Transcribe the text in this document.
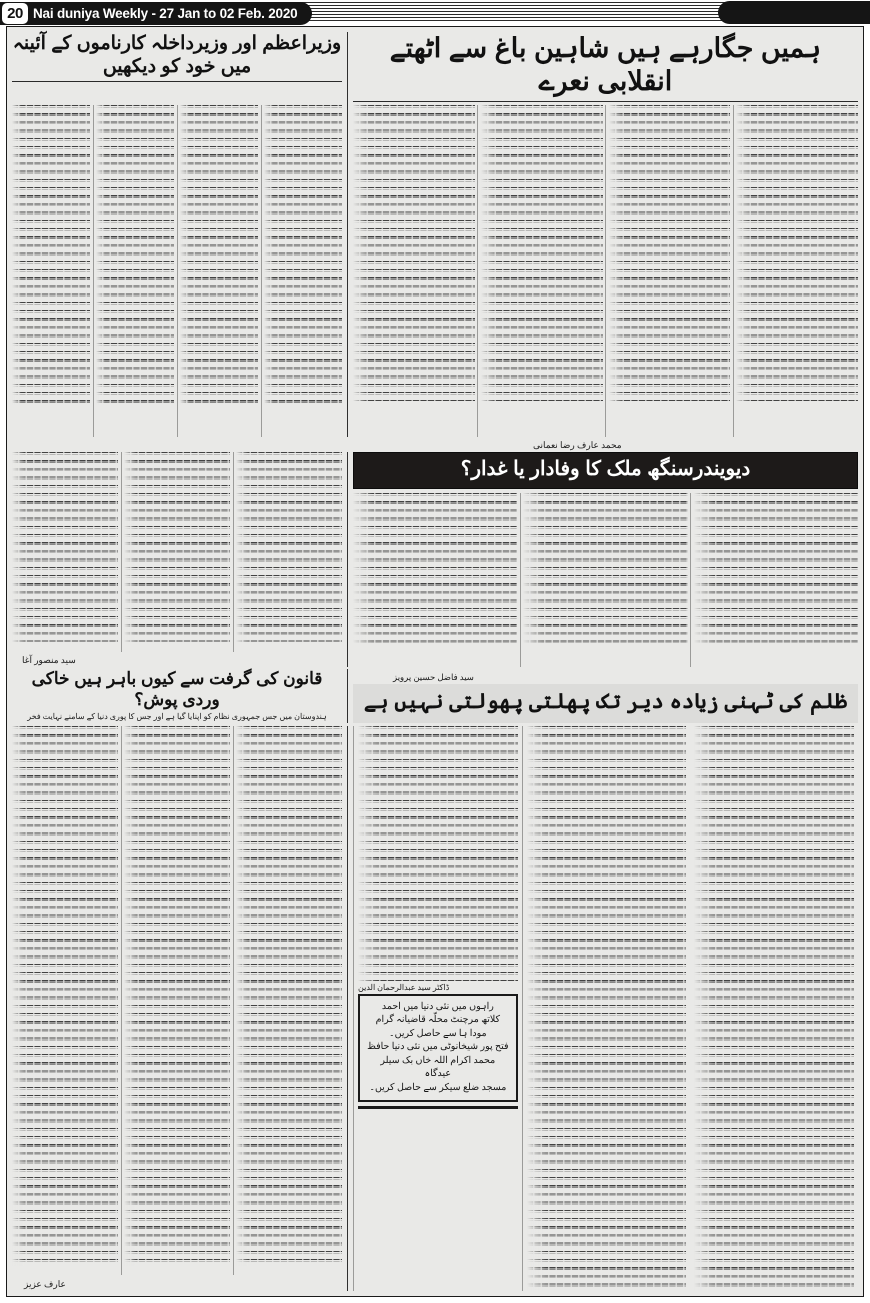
20 Nai duniya Weekly - 27 Jan to 02 Feb. 2020
وزیراعظم اور وزیرداخلہ کارناموں کے آئینہ میں خود کو دیکھیں
ہمیں جگارہے ہیں شاہین باغ سے اٹھتے انقلابی نعرے
محمد عارف رضا نعمانی
سید منصور آغا
دیویندرسنگھ ملک کا وفادار یا غدار؟
قانون کی گرفت سے کیوں باہر ہیں خاکی وردی پوش؟
ہندوستان میں جس جمہوری نظام کو اپنایا گیا ہے اور جس کا پوری دنیا کے سامنے نہایت فخر
سید فاضل حسین پرویز
ظلم کی ٹہنی زیادہ دیر تک پھلتی پھولتی نہیں ہے
عارف عزیز
ڈاکٹر سید عبدالرحمان الدین
راہوں میں نئی دنیا میں احمد
کلاتھ مرچنٹ محلّہ قاضیانہ گرام
مودا ہا سے حاصل کریں۔
فتح پور شیخانوٹی میں نئی دنیا حافظ
محمد اکرام اللہ خاں بک سیلر عیدگاہ
مسجد ضلع سیکر سے حاصل کریں۔
